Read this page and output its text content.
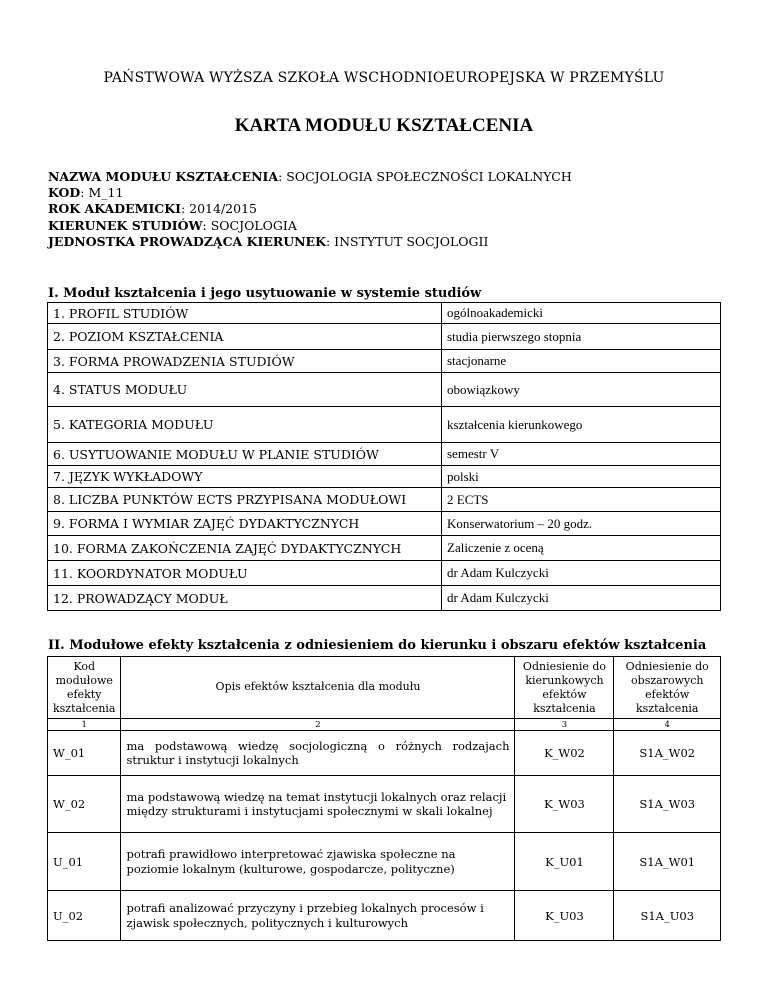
PAŃSTWOWA WYŻSZA SZKOŁA WSCHODNIOEUROPEJSKA W PRZEMYŚLU
KARTA MODUŁU KSZTAŁCENIA
NAZWA MODUŁU KSZTAŁCENIA: SOCJOLOGIA SPOŁECZNOŚCI LOKALNYCH
KOD: M_11
ROK AKADEMICKI: 2014/2015
KIERUNEK STUDIÓW: SOCJOLOGIA
JEDNOSTKA PROWADZĄCA KIERUNEK: INSTYTUT SOCJOLOGII
I. Moduł kształcenia i jego usytuowanie w systemie studiów
1. PROFIL STUDIÓW	ogólnoakademicki
2. POZIOM KSZTAŁCENIA	studia pierwszego stopnia
3. FORMA PROWADZENIA STUDIÓW	stacjonarne
4. STATUS MODUŁU	obowiązkowy
5. KATEGORIA MODUŁU	kształcenia kierunkowego
6. USYTUOWANIE MODUŁU W PLANIE STUDIÓW	semestr V
7. JĘZYK WYKŁADOWY	polski
8. LICZBA PUNKTÓW ECTS PRZYPISANA MODUŁOWI	2 ECTS
9. FORMA I WYMIAR ZAJĘĆ DYDAKTYCZNYCH	Konserwatorium – 20 godz.
10. FORMA ZAKOŃCZENIA ZAJĘĆ DYDAKTYCZNYCH	Zaliczenie z oceną
11. KOORDYNATOR MODUŁU	dr Adam Kulczycki
12. PROWADZĄCY MODUŁ	dr Adam Kulczycki
II. Modułowe efekty kształcenia z odniesieniem do kierunku i obszaru efektów kształcenia
Kod modułowe efekty kształcenia	Opis efektów kształcenia dla modułu	Odniesienie do kierunkowych efektów kształcenia	Odniesienie do obszarowych efektów kształcenia
1	2	3	4
W_01	ma podstawową wiedzę socjologiczną o różnych rodzajach struktur i instytucji lokalnych	K_W02	S1A_W02
W_02	ma podstawową wiedzę na temat instytucji lokalnych oraz relacji między strukturami i instytucjami społecznymi w skali lokalnej	K_W03	S1A_W03
U_01	potrafi prawidłowo interpretować zjawiska społeczne na poziomie lokalnym (kulturowe, gospodarcze, polityczne)	K_U01	S1A_W01
U_02	potrafi analizować przyczyny i przebieg lokalnych procesów i zjawisk społecznych, politycznych i kulturowych	K_U03	S1A_U03
